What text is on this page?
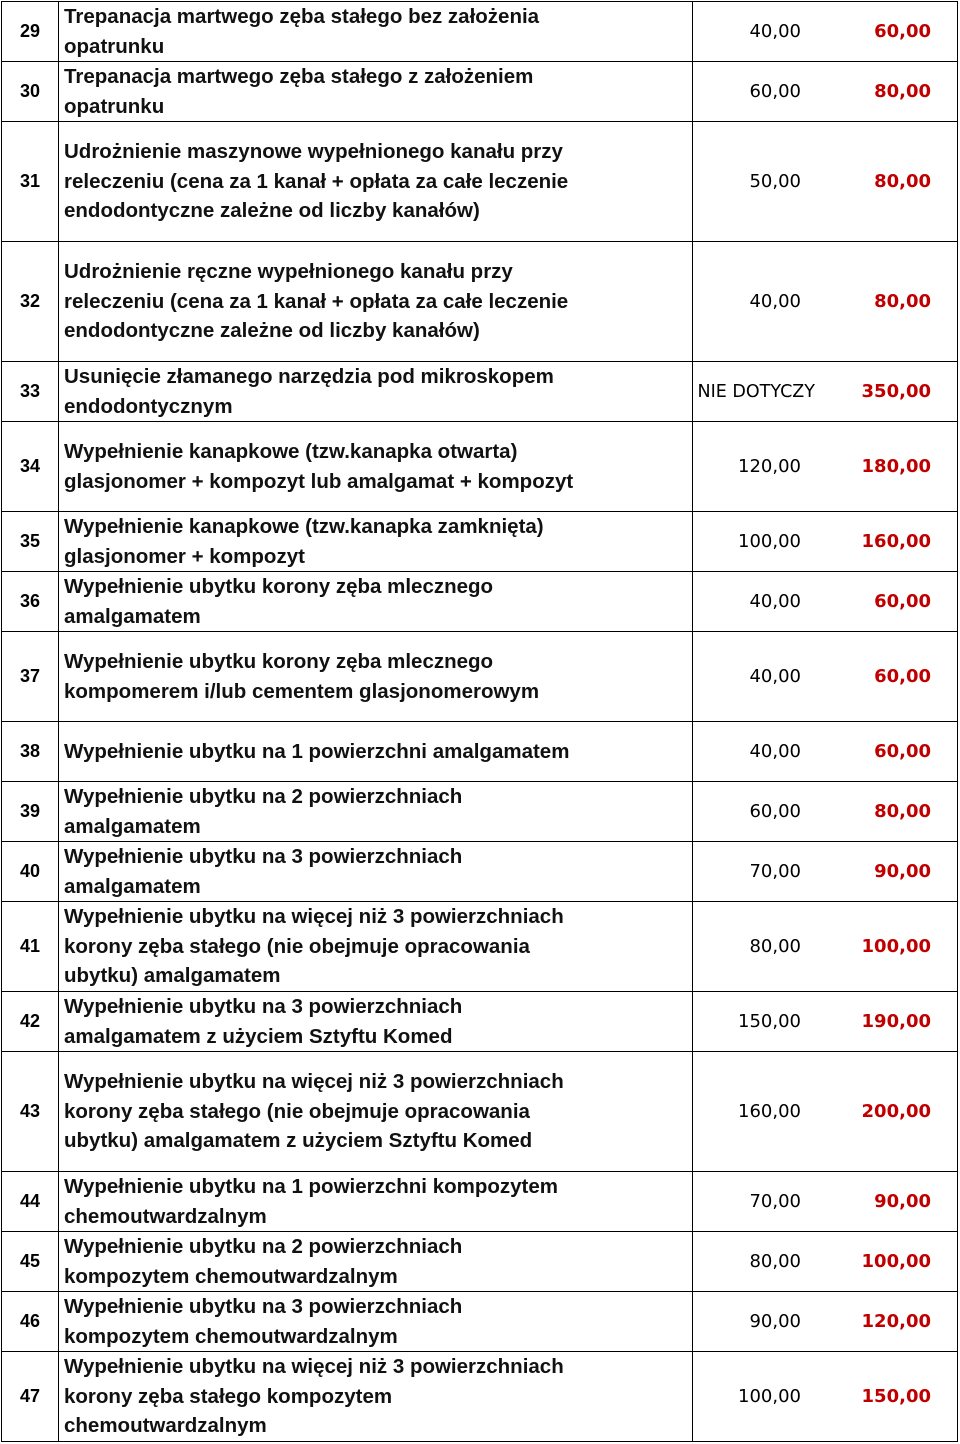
29	Trepanacja martwego zęba stałego bez założenia
opatrunku	40,00	60,00
30	Trepanacja martwego zęba stałego z założeniem
opatrunku	60,00	80,00
31	Udrożnienie maszynowe wypełnionego kanału przy
releczeniu (cena za 1 kanał + opłata za całe leczenie
endodontyczne zależne od liczby kanałów)	50,00	80,00
32	Udrożnienie ręczne wypełnionego kanału przy
releczeniu (cena za 1 kanał + opłata za całe leczenie
endodontyczne zależne od liczby kanałów)	40,00	80,00
33	Usunięcie złamanego narzędzia pod mikroskopem
endodontycznym	NIE DOTYCZY	350,00
34	Wypełnienie kanapkowe (tzw.kanapka otwarta)
glasjonomer + kompozyt lub amalgamat + kompozyt	120,00	180,00
35	Wypełnienie kanapkowe (tzw.kanapka zamknięta)
glasjonomer + kompozyt	100,00	160,00
36	Wypełnienie ubytku korony zęba mlecznego
amalgamatem	40,00	60,00
37	Wypełnienie ubytku korony zęba mlecznego
kompomerem i/lub cementem glasjonomerowym	40,00	60,00
38	Wypełnienie ubytku na 1 powierzchni amalgamatem	40,00	60,00
39	Wypełnienie ubytku na 2 powierzchniach
amalgamatem	60,00	80,00
40	Wypełnienie ubytku na 3 powierzchniach
amalgamatem	70,00	90,00
41	Wypełnienie ubytku na więcej niż 3 powierzchniach
korony zęba stałego (nie obejmuje opracowania
ubytku) amalgamatem	80,00	100,00
42	Wypełnienie ubytku na 3 powierzchniach
amalgamatem z użyciem Sztyftu Komed	150,00	190,00
43	Wypełnienie ubytku na więcej niż 3 powierzchniach
korony zęba stałego (nie obejmuje opracowania
ubytku) amalgamatem z użyciem Sztyftu Komed	160,00	200,00
44	Wypełnienie ubytku na 1 powierzchni kompozytem
chemoutwardzalnym	70,00	90,00
45	Wypełnienie ubytku na 2 powierzchniach
kompozytem chemoutwardzalnym	80,00	100,00
46	Wypełnienie ubytku na 3 powierzchniach
kompozytem chemoutwardzalnym	90,00	120,00
47	Wypełnienie ubytku na więcej niż 3 powierzchniach
korony zęba stałego kompozytem
chemoutwardzalnym	100,00	150,00
